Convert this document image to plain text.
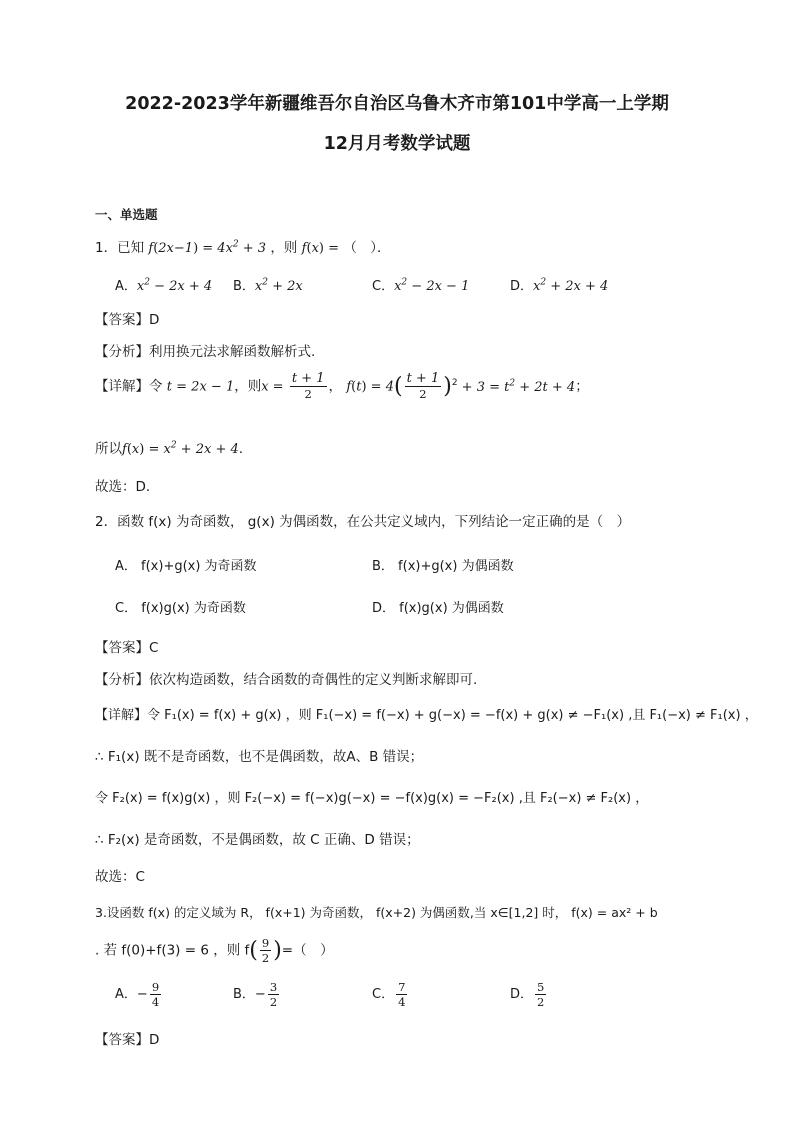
2022-2023学年新疆维吾尔自治区乌鲁木齐市第101中学高一上学期
12月月考数学试题
一、单选题
1．已知 $f(2x-1) = 4x^2 + 3$ ，则 f(x) = （　）．
A．$x^2 - 2x + 4$ B．$x^2 + 2x$	C．$x^2 - 2x - 1$	D．$x^2 + 2x + 4$
【答案】D
【分析】利用换元法求解函数解析式.
【详解】令 t = 2x − 1，则$x = \frac{t + 1}{2}$ ， $f(t) = 4( \frac{t + 1}{2} )^2 + 3 = t^2 + 2t + 4$；
所以$f(x) = x^2 + 2x + 4$.
故选：D.
2．函数 f(x) 为奇函数， g(x) 为偶函数，在公共定义域内，下列结论一定正确的是（　）
A． f(x)+g(x) 为奇函数	B． f(x)+g(x) 为偶函数
C． f(x)g(x) 为奇函数	D． f(x)g(x) 为偶函数
【答案】C
【分析】依次构造函数，结合函数的奇偶性的定义判断求解即可.
【详解】令 F₁(x) = f(x) + g(x) ，则 F₁(−x) = f(−x) + g(−x) = −f(x) + g(x) ≠ −F₁(x) ,且 F₁(−x) ≠ F₁(x) ，
∴ F₁(x) 既不是奇函数，也不是偶函数，故A、B 错误；
令 F₂(x) = f(x)g(x) ，则 F₂(−x) = f(−x)g(−x) = −f(x)g(x) = −F₂(x) ,且 F₂(−x) ≠ F₂(x) ，
∴ F₂(x) 是奇函数，不是偶函数，故 C 正确、D 错误；
故选：C
3.设函数 f(x) 的定义域为 R， f(x+1) 为奇函数， f(x+2) 为偶函数,当 x∈[1,2] 时， f(x) = ax² + b
. 若 f(0)+f(3) = 6 ，则 $f( \frac{9}{2}$ )=（　）
A．− $\frac{9}{4}$	B．− $\frac{3}{2}$	C． $\frac{7}{4}$	D． $\frac{5}{2}$
【答案】D
